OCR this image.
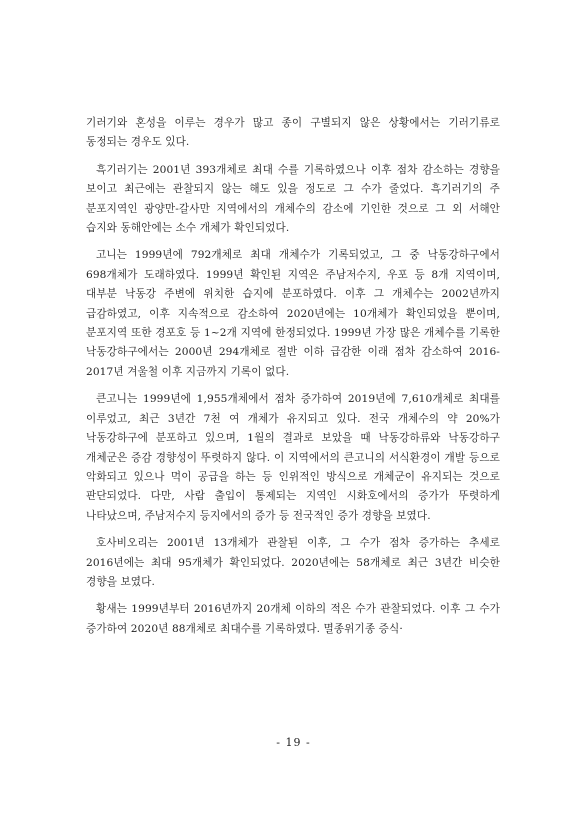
기러기와 혼성을 이루는 경우가 많고 종이 구별되지 않은 상황에서는 기러기류로 동정되는 경우도 있다.

흑기러기는 2001년 393개체로 최대 수를 기록하였으나 이후 점차 감소하는 경향을 보이고 최근에는 관찰되지 않는 해도 있을 정도로 그 수가 줄었다. 흑기러기의 주 분포지역인 광양만-갈사만 지역에서의 개체수의 감소에 기인한 것으로 그 외 서해안 습지와 동해안에는 소수 개체가 확인되었다.

고니는 1999년에 792개체로 최대 개체수가 기록되었고, 그 중 낙동강하구에서 698개체가 도래하였다. 1999년 확인된 지역은 주남저수지, 우포 등 8개 지역이며, 대부분 낙동강 주변에 위치한 습지에 분포하였다. 이후 그 개체수는 2002년까지 급감하였고, 이후 지속적으로 감소하여 2020년에는 10개체가 확인되었을 뿐이며, 분포지역 또한 경포호 등 1~2개 지역에 한정되었다. 1999년 가장 많은 개체수를 기록한 낙동강하구에서는 2000년 294개체로 절반 이하 급감한 이래 점차 감소하여 2016-2017년 겨울철 이후 지금까지 기록이 없다.

큰고니는 1999년에 1,955개체에서 점차 증가하여 2019년에 7,610개체로 최대를 이루었고, 최근 3년간 7천 여 개체가 유지되고 있다. 전국 개체수의 약 20%가 낙동강하구에 분포하고 있으며, 1월의 결과로 보았을 때 낙동강하류와 낙동강하구 개체군은 증감 경향성이 뚜렷하지 않다. 이 지역에서의 큰고니의 서식환경이 개발 등으로 악화되고 있으나 먹이 공급을 하는 등 인위적인 방식으로 개체군이 유지되는 것으로 판단되었다. 다만, 사람 출입이 통제되는 지역인 시화호에서의 증가가 뚜렷하게 나타났으며, 주남저수지 등지에서의 증가 등 전국적인 증가 경향을 보였다.

호사비오리는 2001년 13개체가 관찰된 이후, 그 수가 점차 증가하는 추세로 2016년에는 최대 95개체가 확인되었다. 2020년에는 58개체로 최근 3년간 비슷한 경향을 보였다.

황새는 1999년부터 2016년까지 20개체 이하의 적은 수가 관찰되었다. 이후 그 수가 증가하여 2020년 88개체로 최대수를 기록하였다. 멸종위기종 증식·

- 19 -
